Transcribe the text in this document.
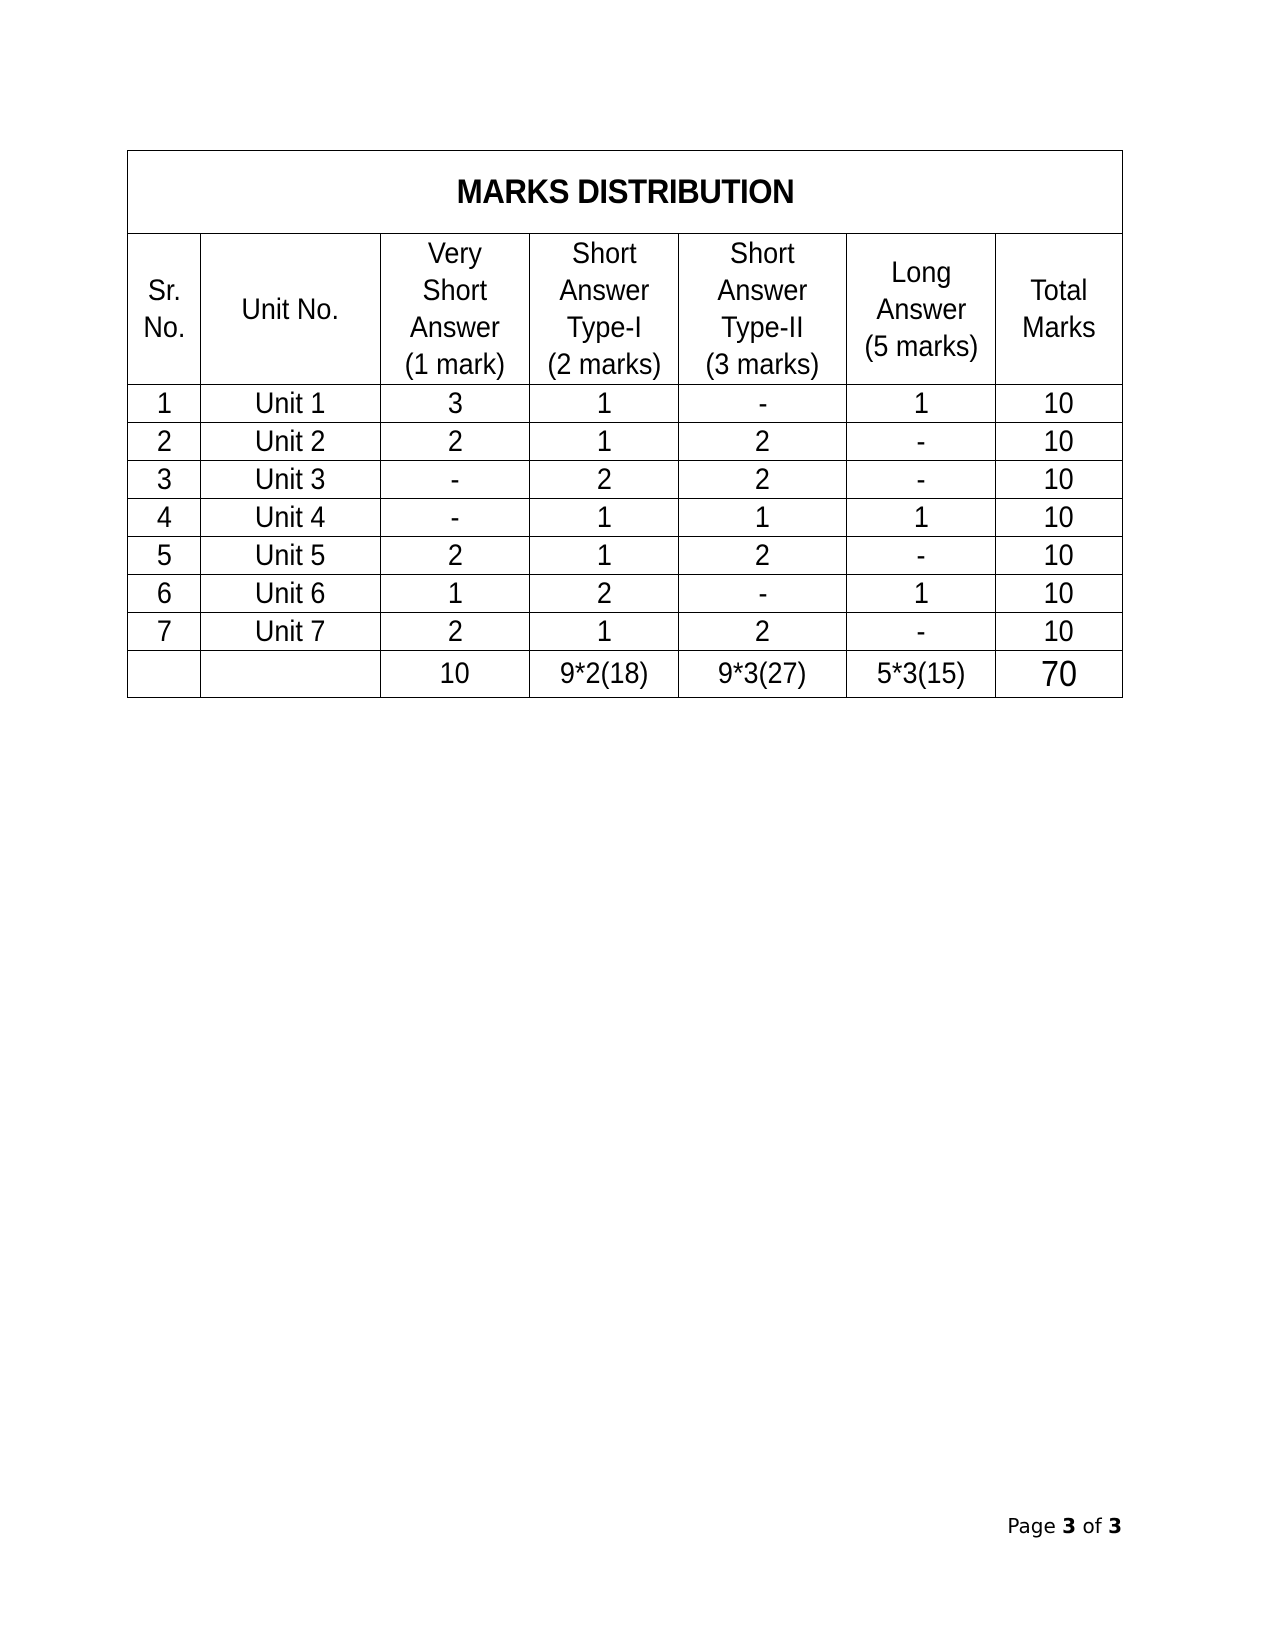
MARKS DISTRIBUTION						
Sr.
No.	Unit No.	Very
Short
Answer
(1 mark)	Short
Answer
Type-I
(2 marks)	Short
Answer
Type-II
(3 marks)	Long
Answer
(5 marks)	Total
Marks
1	Unit 1	3	1	-	1	10
2	Unit 2	2	1	2	-	10
3	Unit 3	-	2	2	-	10
4	Unit 4	-	1	1	1	10
5	Unit 5	2	1	2	-	10
6	Unit 6	1	2	-	1	10
7	Unit 7	2	1	2	-	10
		10	9*2(18)	9*3(27)	5*3(15)	70
Page 3 of 3
